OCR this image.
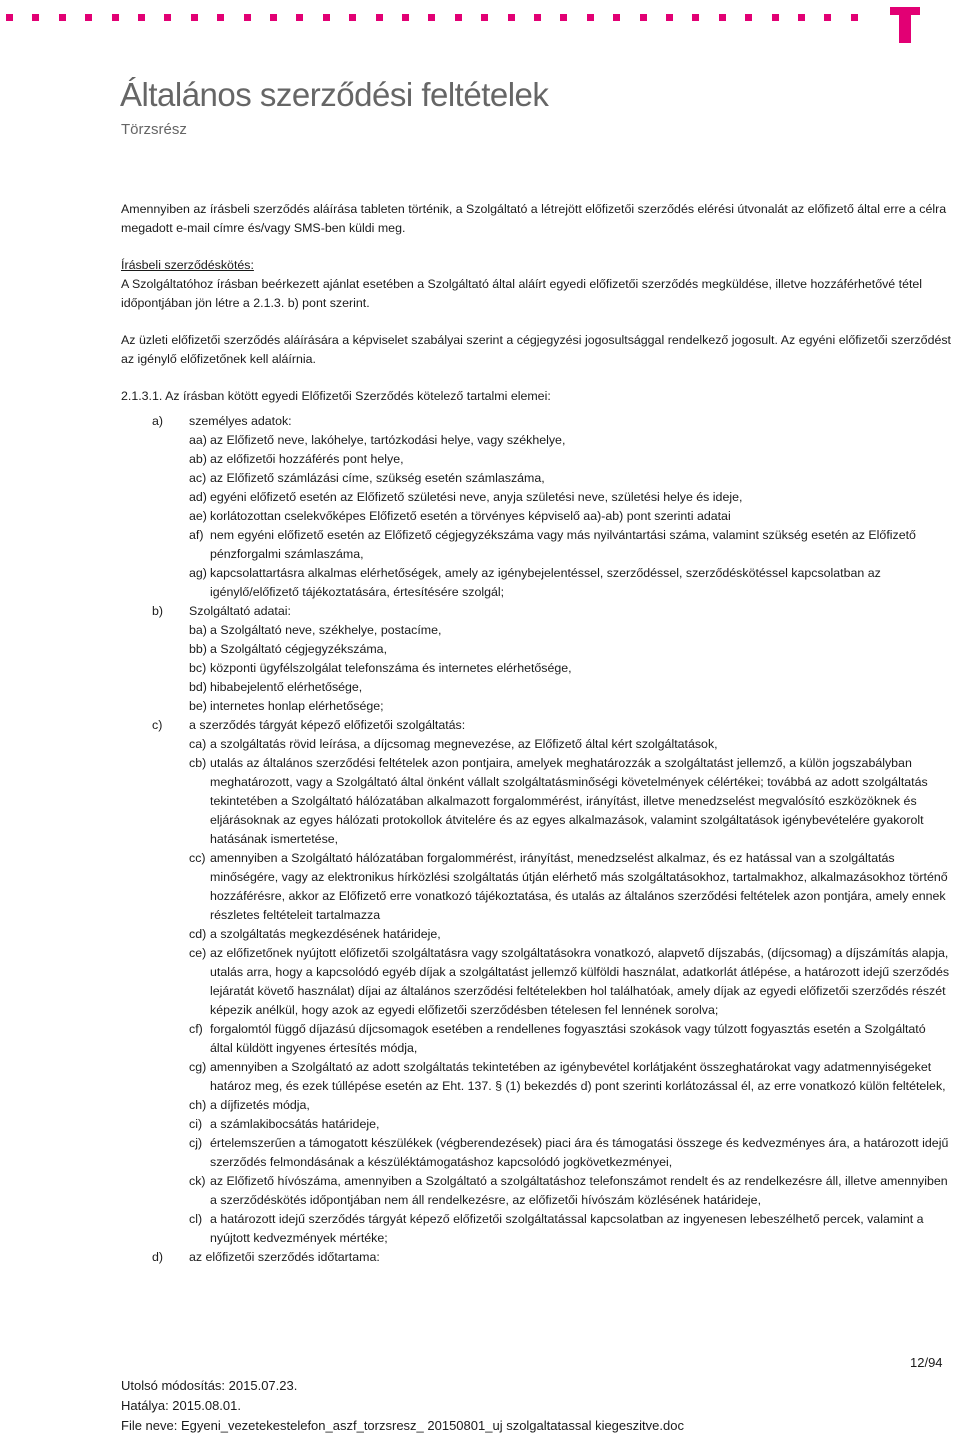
Általános szerződési feltételek
Törzsrész

Amennyiben az írásbeli szerződés aláírása tableten történik, a Szolgáltató a létrejött előfizetői szerződés elérési útvonalát az előfizető által erre a célra megadott e-mail címre és/vagy SMS-ben küldi meg.

Írásbeli szerződéskötés:

A Szolgáltatóhoz írásban beérkezett ajánlat esetében a Szolgáltató által aláírt egyedi előfizetői szerződés megküldése, illetve hozzáférhetővé tétel időpontjában jön létre a 2.1.3. b) pont szerint.

Az üzleti előfizetői szerződés aláírására a képviselet szabályai szerint a cégjegyzési jogosultsággal rendelkező jogosult. Az egyéni előfizetői szerződést az igénylő előfizetőnek kell aláírnia.

2.1.3.1. Az írásban kötött egyedi Előfizetői Szerződés kötelező tartalmi elemei:

a) személyes adatok:
aa) az Előfizető neve, lakóhelye, tartózkodási helye, vagy székhelye,
ab) az előfizetői hozzáférés pont helye,
ac) az Előfizető számlázási címe, szükség esetén számlaszáma,
ad) egyéni előfizető esetén az Előfizető születési neve, anyja születési neve, születési helye és ideje,
ae) korlátozottan cselekvőképes Előfizető esetén a törvényes képviselő aa)-ab) pont szerinti adatai
af) nem egyéni előfizető esetén az Előfizető cégjegyzékszáma vagy más nyilvántartási száma, valamint szükség esetén az Előfizető pénzforgalmi számlaszáma,
ag) kapcsolattartásra alkalmas elérhetőségek, amely az igénybejelentéssel, szerződéssel, szerződéskötéssel kapcsolatban az igénylő/előfizető tájékoztatására, értesítésére szolgál;
b) Szolgáltató adatai:
ba) a Szolgáltató neve, székhelye, postacíme,
bb) a Szolgáltató cégjegyzékszáma,
bc) központi ügyfélszolgálat telefonszáma és internetes elérhetősége,
bd) hibabejelentő elérhetősége,
be) internetes honlap elérhetősége;
c) a szerződés tárgyát képező előfizetői szolgáltatás:
ca) a szolgáltatás rövid leírása, a díjcsomag megnevezése, az Előfizető által kért szolgáltatások,
cb) utalás az általános szerződési feltételek azon pontjaira, amelyek meghatározzák a szolgáltatást jellemző, a külön jogszabályban meghatározott, vagy a Szolgáltató által önként vállalt szolgáltatásminőségi követelmények célértékei; továbbá az adott szolgáltatás tekintetében a Szolgáltató hálózatában alkalmazott forgalommérést, irányítást, illetve menedzselést megvalósító eszközöknek és eljárásoknak az egyes hálózati protokollok átvitelére és az egyes alkalmazások, valamint szolgáltatások igénybevételére gyakorolt hatásának ismertetése,
cc) amennyiben a Szolgáltató hálózatában forgalommérést, irányítást, menedzselést alkalmaz, és ez hatással van a szolgáltatás minőségére, vagy az elektronikus hírközlési szolgáltatás útján elérhető más szolgáltatásokhoz, tartalmakhoz, alkalmazásokhoz történő hozzáférésre, akkor az Előfizető erre vonatkozó tájékoztatása, és utalás az általános szerződési feltételek azon pontjára, amely ennek részletes feltételeit tartalmazza
cd) a szolgáltatás megkezdésének határideje,
ce) az előfizetőnek nyújtott előfizetői szolgáltatásra vagy szolgáltatásokra vonatkozó, alapvető díjszabás, (díjcsomag) a díjszámítás alapja, utalás arra, hogy a kapcsolódó egyéb díjak a szolgáltatást jellemző külföldi használat, adatkorlát átlépése, a határozott idejű szerződés lejáratát követő használat) díjai az általános szerződési feltételekben hol találhatóak, amely díjak az egyedi előfizetői szerződés részét képezik anélkül, hogy azok az egyedi előfizetői szerződésben tételesen fel lennének sorolva;
cf) forgalomtól függő díjazású díjcsomagok esetében a rendellenes fogyasztási szokások vagy túlzott fogyasztás esetén a Szolgáltató által küldött ingyenes értesítés módja,
cg) amennyiben a Szolgáltató az adott szolgáltatás tekintetében az igénybevétel korlátjaként összeghatárokat vagy adatmennyiségeket határoz meg, és ezek túllépése esetén az Eht. 137. § (1) bekezdés d) pont szerinti korlátozással él, az erre vonatkozó külön feltételek,
ch) a díjfizetés módja,
ci) a számlakibocsátás határideje,
cj) értelemszerűen a támogatott készülékek (végberendezések) piaci ára és támogatási összege és kedvezményes ára, a határozott idejű szerződés felmondásának a készüléktámogatáshoz kapcsolódó jogkövetkezményei,
ck) az Előfizető hívószáma, amennyiben a Szolgáltató a szolgáltatáshoz telefonszámot rendelt és az rendelkezésre áll, illetve amennyiben a szerződéskötés időpontjában nem áll rendelkezésre, az előfizetői hívószám közlésének határideje,
cl) a határozott idejű szerződés tárgyát képező előfizetői szolgáltatással kapcsolatban az ingyenesen lebeszélhető percek, valamint a nyújtott kedvezmények mértéke;
d) az előfizetői szerződés időtartama:
12/94
Utolsó módosítás: 2015.07.23.
Hatálya: 2015.08.01.
File neve: Egyeni_vezetekestelefon_aszf_torzsresz_ 20150801_uj szolgaltatassal kiegeszitve.doc
